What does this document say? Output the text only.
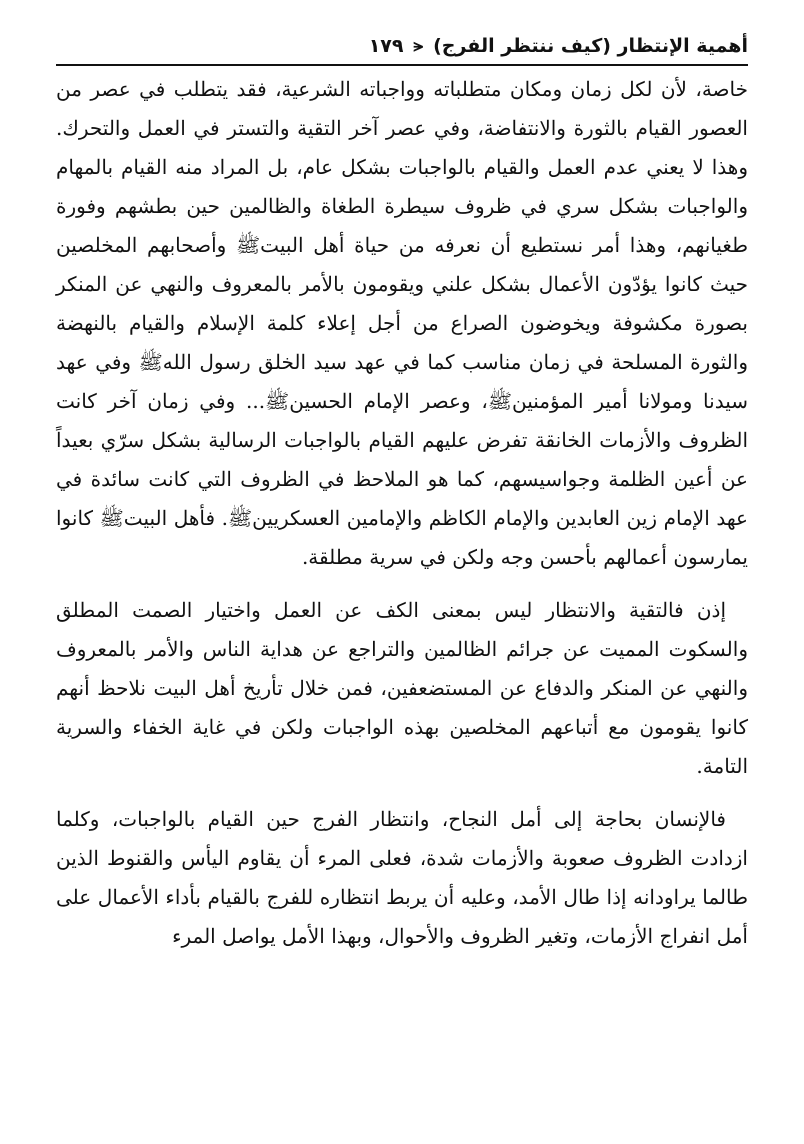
أهمية الإنتظار (كيف ننتظر الفرج)
⪪
١٧٩

خاصة، لأن لكل زمان ومكان متطلباته وواجباته الشرعية، فقد يتطلب في عصر من العصور القيام بالثورة والانتفاضة، وفي عصر آخر التقية والتستر في العمل والتحرك. وهذا لا يعني عدم العمل والقيام بالواجبات بشكل عام، بل المراد منه القيام بالمهام والواجبات بشكل سري في ظروف سيطرة الطغاة والظالمين حين بطشهم وفورة طغيانهم، وهذا أمر نستطيع أن نعرفه من حياة أهل البيتﷺ وأصحابهم المخلصين حيث كانوا يؤدّون الأعمال بشكل علني ويقومون بالأمر بالمعروف والنهي عن المنكر بصورة مكشوفة ويخوضون الصراع من أجل إعلاء كلمة الإسلام والقيام بالنهضة والثورة المسلحة في زمان مناسب كما في عهد سيد الخلق رسول اللهﷺ وفي عهد سيدنا ومولانا أمير المؤمنينﷺ، وعصر الإمام الحسينﷺ... وفي زمان آخر كانت الظروف والأزمات الخانقة تفرض عليهم القيام بالواجبات الرسالية بشكل سرّي بعيداً عن أعين الظلمة وجواسيسهم، كما هو الملاحظ في الظروف التي كانت سائدة في عهد الإمام زين العابدين والإمام الكاظم والإمامين العسكريينﷺ. فأهل البيتﷺ كانوا يمارسون أعمالهم بأحسن وجه ولكن في سرية مطلقة.

إذن فالتقية والانتظار ليس بمعنى الكف عن العمل واختيار الصمت المطلق والسكوت المميت عن جرائم الظالمين والتراجع عن هداية الناس والأمر بالمعروف والنهي عن المنكر والدفاع عن المستضعفين، فمن خلال تأريخ أهل البيت نلاحظ أنهم كانوا يقومون مع أتباعهم المخلصين بهذه الواجبات ولكن في غاية الخفاء والسرية التامة.

فالإنسان بحاجة إلى أمل النجاح، وانتظار الفرج حين القيام بالواجبات، وكلما ازدادت الظروف صعوبة والأزمات شدة، فعلى المرء أن يقاوم اليأس والقنوط الذين طالما يراودانه إذا طال الأمد، وعليه أن يربط انتظاره للفرج بالقيام بأداء الأعمال على أمل انفراج الأزمات، وتغير الظروف والأحوال، وبهذا الأمل يواصل المرء
